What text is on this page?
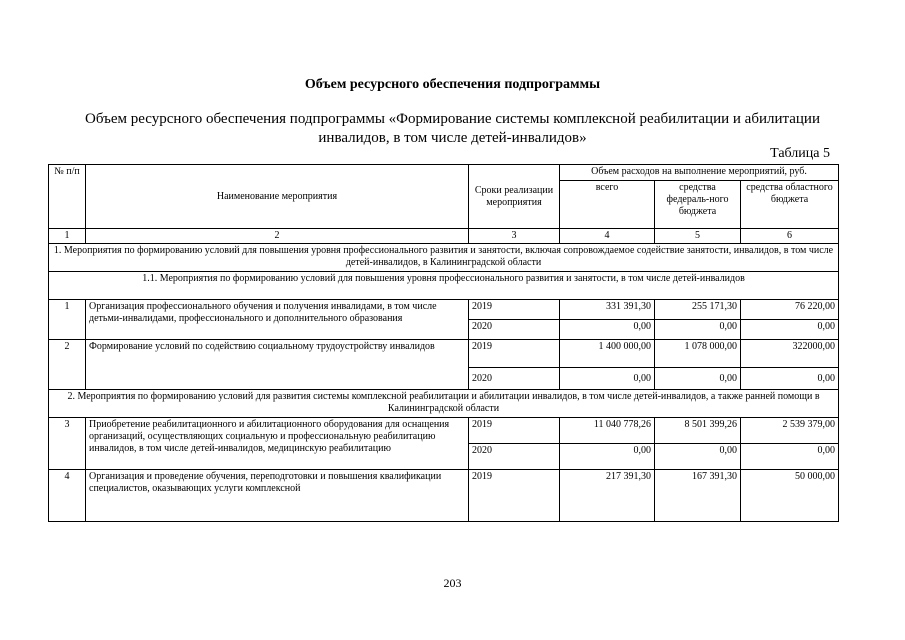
Объем ресурсного обеспечения подпрограммы
Объем ресурсного обеспечения подпрограммы «Формирование системы комплексной реабилитации и абилитации инвалидов, в том числе детей-инвалидов»
Таблица 5
№ п/п	Наименование мероприятия	Сроки реализации мероприятия	Объем расходов на выполнение мероприятий, руб.		
			всего	средства федераль-ного бюджета	средства областного бюджета
1	2	3	4	5	6
1. Мероприятия по формированию условий для повышения уровня профессионального развития и занятости, включая сопровождаемое содействие занятости, инвалидов, в том числе детей-инвалидов, в Калининградской области					
1.1. Мероприятия по формированию условий для повышения уровня профессионального развития и занятости, в том числе детей-инвалидов					
1	Организация профессионального обучения и получения инвалидами, в том числе детьми-инвалидами, профессионального и дополнительного образования	2019	331 391,30	255 171,30	76 220,00
		2020	0,00	0,00	0,00
2	Формирование условий по содействию социальному трудоустройству инвалидов	2019	1 400 000,00	1 078 000,00	322000,00
		2020	0,00	0,00	0,00
2. Мероприятия по формированию условий для развития системы комплексной реабилитации и абилитации инвалидов, в том числе детей-инвалидов, а также ранней помощи в Калининградской области					
3	Приобретение реабилитационного и абилитационного оборудования для оснащения организаций, осуществляющих социальную и профессиональную реабилитацию инвалидов, в том числе детей-инвалидов, медицинскую реабилитацию	2019	11 040 778,26	8 501 399,26	2 539 379,00
		2020	0,00	0,00	0,00
4	Организация и проведение обучения, переподготовки и повышения квалификации специалистов, оказывающих услуги комплексной	2019	217 391,30	167 391,30	50 000,00
203
